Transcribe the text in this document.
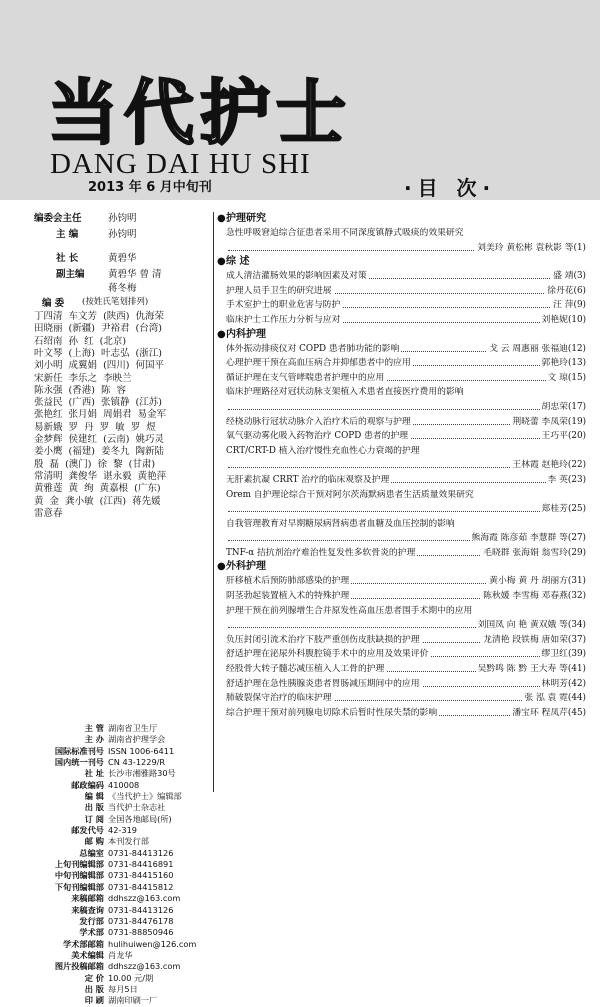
当代护士
DANG DAI HU SHI
2013 年 6 月中旬刊	·目 次·
编委会主任	孙钧明
主 编	孙钧明
社 长	黄碧华
副主编 黄碧华 曾 清
蒋冬梅
编 委 (按姓氏笔划排列)
丁四清  车文芳  (陕西)  仇海荣
田晓丽  (新疆)  尹裕君  (台湾)
石绍南  孙  红  (北京)
叶文琴  (上海)  叶志弘  (浙江)
刘小明  成翼娟  (四川)  何国平
宋新任  李乐之  李映兰
陈永强  (香港)  陈  容
张益民  (广西)  张镇静  (江苏)
张艳红  张月娟  周娟君  易金军
易新娥  罗  丹  罗  敏  罗  煜
金梦辉  侯建红  (云南)  姚巧灵
姜小鹰  (福建)  姜冬九  陶新陆
殷  磊  (澳门)  徐  黎  (甘肃)
常清明  龚俊华  谌永毅  黄艳萍
黄雅莲  黄  绚  黄嘉根  (广东)
黄  金  龚小敏  (江西)  蒋先媛
雷意春
主 管 湖南省卫生厅
主 办 湖南省护理学会
国际标准刊号 ISSN 1006-6411
国内统一刊号 CN 43-1229/R
社 址 长沙市湘雅路30号
邮政编码 410008
编 辑 《当代护士》编辑部
出 版 当代护士杂志社
订 阅 全国各地邮局(所)
邮发代号 42-319
邮 购 本刊发行部
总编室 0731-84413126
上旬刊编辑部 0731-84416891
中旬刊编辑部 0731-84415160
下旬刊编辑部 0731-84415812
来稿邮箱 ddhszz@163.com
来稿查询 0731-84413126
发行部 0731-84476178
学术部 0731-88850946
学术部邮箱 hulihuiwen@126.com
美术编辑 肖龙华
图片投稿邮箱 ddhszz@163.com
定 价 10.00 元/期
出 版 每月5日
印 刷 湖南印刷一厂
● 护理研究
急性呼吸窘迫综合征患者采用不同深度镇静式吸痰的效果研究
刘美玲 黄松彬 袁秋影 等(1)
● 综 述
成人清洁灌肠效果的影响因素及对策	盛 靖(3)
护理人员手卫生的研究进展	徐丹花(6)
手术室护士的职业危害与防护	汪 萍(9)
临床护士工作压力分析与应对	刘艳妮(10)
● 内科护理
体外振动排痰仪对 COPD 患者肺功能的影响	戈 云 周惠丽 张福迪(12)
心理护理干预在高血压病合并抑郁患者中的应用	郭艳玲(13)
循证护理在支气管哮喘患者护理中的应用	文 琼(15)
临床护理路径对冠状动脉支架植入术患者直接医疗费用的影响
胡忠荣(17)
经桡动脉行冠状动脉介入治疗术后的观察与护理	荆晓蕾 李凤荣(19)
氧气驱动雾化吸入药物治疗 COPD 患者的护理	王巧平(20)
CRT/CRT-D 植入治疗慢性充血性心力衰竭的护理
王林霞 赵艳玲(22)
无肝素抗凝 CRRT 治疗的临床观察及护理	李 英(23)
Orem 自护理论综合干预对阿尔茨海默病患者生活质量效果研究
郑桂芳(25)
自我管理教育对早期糖尿病肾病患者血糖及血压控制的影响
熊海霞 陈彦茹 李慧群 等(27)
TNF-α 拮抗剂治疗难治性复发性多软骨炎的护理	毛晓群 张海娟 翁雪玲(29)
● 外科护理
肝移植术后预防肺部感染的护理	黄小梅 黄 丹 胡丽方(31)
阴茎勃起装置植入术的特殊护理	陈秋媛 李雪梅 邓春燕(32)
护理干预在前列腺增生合并原发性高血压患者围手术期中的应用
刘国凤 向 艳 黄双娥 等(34)
负压封闭引流术治疗下肢严重创伤皮肤缺损的护理	龙清艳 段铁梅 唐如荣(37)
舒适护理在泌尿外科腹腔镜手术中的应用及效果评价	缪卫红(39)
经股骨大转子髓芯减压植入人工骨的护理	吴黔鸣 陈 黔 王大寿 等(41)
舒适护理在急性胰腺炎患者胃肠减压期间中的应用	林明芳(42)
肺破裂保守治疗的临床护理	张 泓 袁 霓(44)
综合护理干预对前列腺电切除术后暂时性尿失禁的影响	潘宝环 程凤芹(45)
